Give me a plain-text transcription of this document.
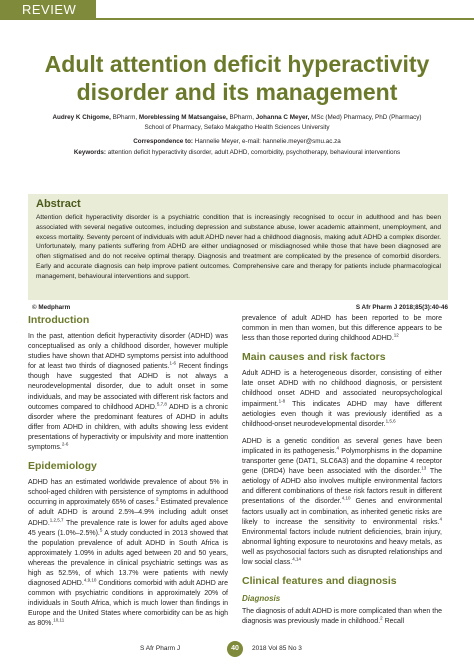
REVIEW
Adult attention deficit hyperactivity disorder and its management
Audrey K Chigome, BPharm, Moreblessing M Matsangaise, BPharm, Johanna C Meyer, MSc (Med) Pharmacy, PhD (Pharmacy)
School of Pharmacy, Sefako Makgatho Health Sciences University
Correspondence to: Hannelie Meyer, e-mail: hannelie.meyer@smu.ac.za
Keywords: attention deficit hyperactivity disorder, adult ADHD, comorbidity, psychotherapy, behavioural interventions
Abstract
Attention deficit hyperactivity disorder is a psychiatric condition that is increasingly recognised to occur in adulthood and has been associated with several negative outcomes, including depression and substance abuse, lower academic attainment, unemployment, and excess mortality. Seventy percent of individuals with adult ADHD never had a childhood diagnosis, making adult ADHD a complex disorder. Unfortunately, many patients suffering from ADHD are either undiagnosed or misdiagnosed while those that have been diagnosed are often stigmatised and do not receive optimal therapy. Diagnosis and treatment are complicated by the presence of comorbid disorders. Early and accurate diagnosis can help improve patient outcomes. Comprehensive care and therapy for patients include pharmacological management, behavioural interventions and support.
© Medpharm	S Afr Pharm J 2018;85(3):40-46
Introduction

In the past, attention deficit hyperactivity disorder (ADHD) was conceptualised as only a childhood disorder, however multiple studies have shown that ADHD symptoms persist into adulthood for at least two thirds of diagnosed patients.$^{1-6}$ Recent findings though have suggested that ADHD is not always a neurodevelopmental disorder, due to adult onset in some individuals, and may be associated with different risk factors and outcomes compared to childhood ADHD.$^{5,7,8}$ ADHD is a chronic disorder where the predominant features of ADHD in adults differ from ADHD in children, with adults showing less evident presentations of hyperactivity or impulsivity and more inattention symptoms.$^{2-6}$

Epidemiology

ADHD has an estimated worldwide prevalence of about 5% in school-aged children with persistence of symptoms in adulthood occurring in approximately 65% of cases.$^2$ Estimated prevalence of adult ADHD is around 2.5%–4.9% including adult onset ADHD.$^{1,2,5,7}$ The prevalence rate is lower for adults aged above 45 years (1.0%–2.5%).$^5$ A study conducted in 2013 showed that the population prevalence of adult ADHD in South Africa is approximately 1.09% in adults aged between 20 and 50 years, whereas the prevalence in clinical psychiatric settings was as high as 52.5%, of which 13.7% were patients with newly diagnosed ADHD.$^{4,9,10}$ Conditions comorbid with adult ADHD are common with psychiatric conditions in approximately 20% of individuals in South Africa, which is much lower than findings in Europe and the United States where comorbidity can be as high as 80%.$^{10,11}$

prevalence of adult ADHD has been reported to be more common in men than women, but this difference appears to be less than those reported during childhood ADHD.$^{12}$

Main causes and risk factors

Adult ADHD is a heterogeneous disorder, consisting of either late onset ADHD with no childhood diagnosis, or persistent childhood onset ADHD and associated neuropsychological impairment.$^{1-8}$ This indicates ADHD may have different aetiologies even though it was previously identified as a childhood-onset neurodevelopmental disorder.$^{1,5,6}$

ADHD is a genetic condition as several genes have been implicated in its pathogenesis.$^4$ Polymorphisms in the dopamine transporter gene (DAT1, SLC6A3) and the dopamine 4 receptor gene (DRD4) have been associated with the disorder.$^{13}$ The aetiology of ADHD also involves multiple environmental factors and different combinations of these risk factors result in different presentations of the disorder.$^{4,10}$ Genes and environmental factors usually act in combination, as inherited genetic risks are likely to increase the sensitivity to environmental risks.$^4$ Environmental factors include nutrient deficiencies, brain injury, abnormal lighting exposure to neurotoxins and heavy metals, as well as psychosocial factors such as disrupted relationships and low social class.$^{4,14}$

Clinical features and diagnosis
Diagnosis

The diagnosis of adult ADHD is more complicated than when the diagnosis was previously made in childhood.$^2$ Recall

S Afr Pharm J	40	2018 Vol 85 No 3
